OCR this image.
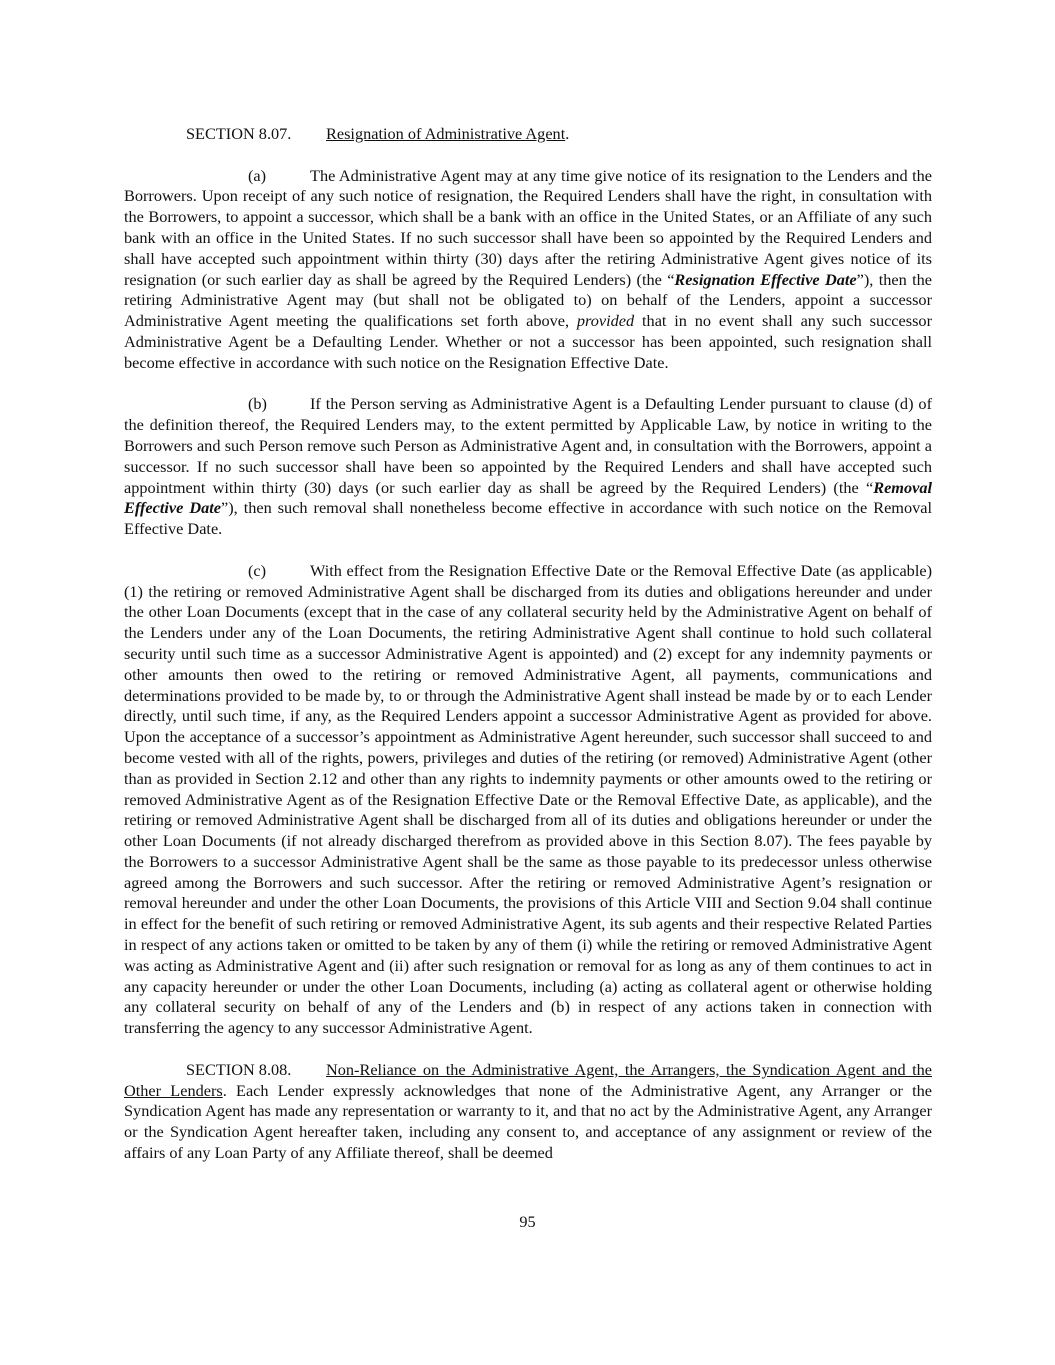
SECTION 8.07. Resignation of Administrative Agent.

(a)	The Administrative Agent may at any time give notice of its resignation to the Lenders and the Borrowers. Upon receipt of any such notice of resignation, the Required Lenders shall have the right, in consultation with the Borrowers, to appoint a successor, which shall be a bank with an office in the United States, or an Affiliate of any such bank with an office in the United States. If no such successor shall have been so appointed by the Required Lenders and shall have accepted such appointment within thirty (30) days after the retiring Administrative Agent gives notice of its resignation (or such earlier day as shall be agreed by the Required Lenders) (the “Resignation Effective Date”), then the retiring Administrative Agent may (but shall not be obligated to) on behalf of the Lenders, appoint a successor Administrative Agent meeting the qualifications set forth above, provided that in no event shall any such successor Administrative Agent be a Defaulting Lender. Whether or not a successor has been appointed, such resignation shall become effective in accordance with such notice on the Resignation Effective Date.

(b)	If the Person serving as Administrative Agent is a Defaulting Lender pursuant to clause (d) of the definition thereof, the Required Lenders may, to the extent permitted by Applicable Law, by notice in writing to the Borrowers and such Person remove such Person as Administrative Agent and, in consultation with the Borrowers, appoint a successor. If no such successor shall have been so appointed by the Required Lenders and shall have accepted such appointment within thirty (30) days (or such earlier day as shall be agreed by the Required Lenders) (the “Removal Effective Date”), then such removal shall nonetheless become effective in accordance with such notice on the Removal Effective Date.

(c)	With effect from the Resignation Effective Date or the Removal Effective Date (as applicable) (1) the retiring or removed Administrative Agent shall be discharged from its duties and obligations hereunder and under the other Loan Documents (except that in the case of any collateral security held by the Administrative Agent on behalf of the Lenders under any of the Loan Documents, the retiring Administrative Agent shall continue to hold such collateral security until such time as a successor Administrative Agent is appointed) and (2) except for any indemnity payments or other amounts then owed to the retiring or removed Administrative Agent, all payments, communications and determinations provided to be made by, to or through the Administrative Agent shall instead be made by or to each Lender directly, until such time, if any, as the Required Lenders appoint a successor Administrative Agent as provided for above. Upon the acceptance of a successor’s appointment as Administrative Agent hereunder, such successor shall succeed to and become vested with all of the rights, powers, privileges and duties of the retiring (or removed) Administrative Agent (other than as provided in Section 2.12 and other than any rights to indemnity payments or other amounts owed to the retiring or removed Administrative Agent as of the Resignation Effective Date or the Removal Effective Date, as applicable), and the retiring or removed Administrative Agent shall be discharged from all of its duties and obligations hereunder or under the other Loan Documents (if not already discharged therefrom as provided above in this Section 8.07). The fees payable by the Borrowers to a successor Administrative Agent shall be the same as those payable to its predecessor unless otherwise agreed among the Borrowers and such successor. After the retiring or removed Administrative Agent’s resignation or removal hereunder and under the other Loan Documents, the provisions of this Article VIII and Section 9.04 shall continue in effect for the benefit of such retiring or removed Administrative Agent, its sub agents and their respective Related Parties in respect of any actions taken or omitted to be taken by any of them (i) while the retiring or removed Administrative Agent was acting as Administrative Agent and (ii) after such resignation or removal for as long as any of them continues to act in any capacity hereunder or under the other Loan Documents, including (a) acting as collateral agent or otherwise holding any collateral security on behalf of any of the Lenders and (b) in respect of any actions taken in connection with transferring the agency to any successor Administrative Agent.

SECTION 8.08. Non-Reliance on the Administrative Agent, the Arrangers, the Syndication Agent and the Other Lenders. Each Lender expressly acknowledges that none of the Administrative Agent, any Arranger or the Syndication Agent has made any representation or warranty to it, and that no act by the Administrative Agent, any Arranger or the Syndication Agent hereafter taken, including any consent to, and acceptance of any assignment or review of the affairs of any Loan Party of any Affiliate thereof, shall be deemed

95
